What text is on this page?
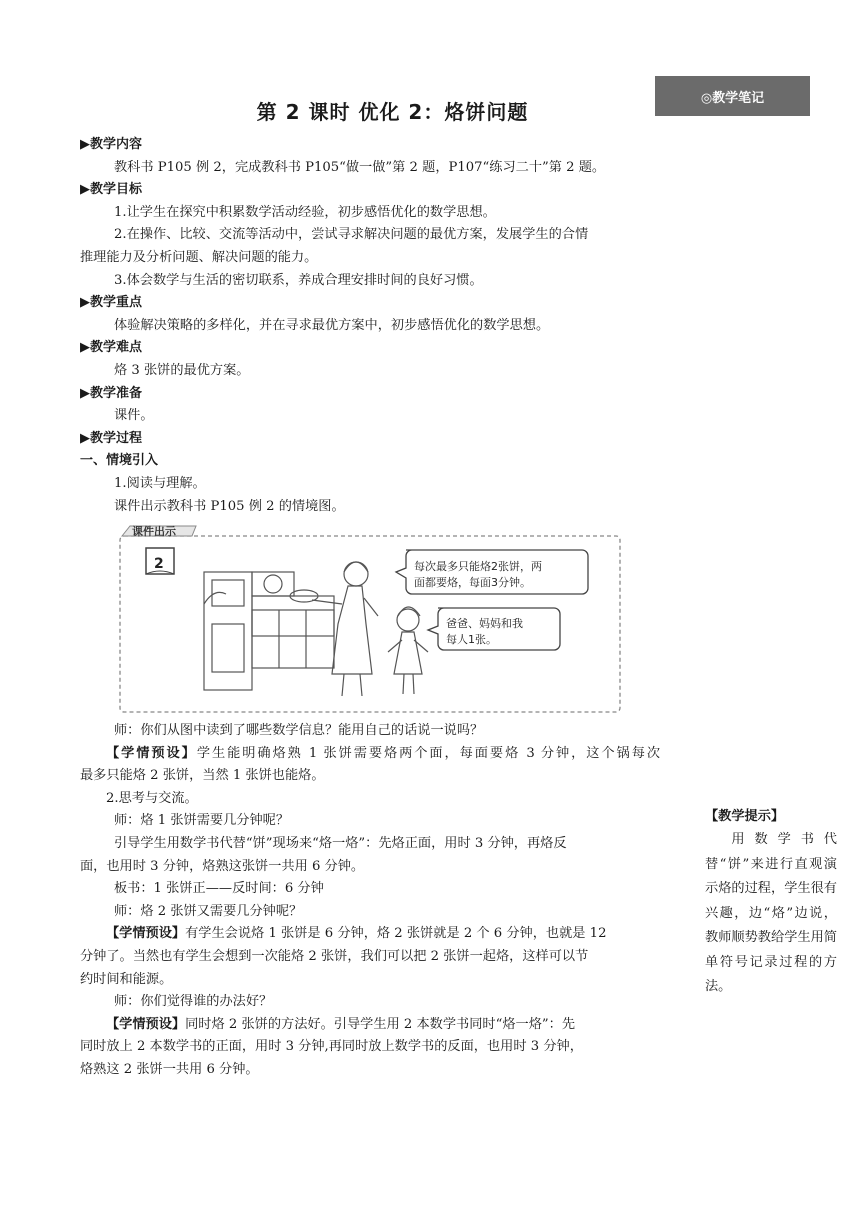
◎教学笔记
第 2 课时 优化 2：烙饼问题
▶教学内容
教科书 P105 例 2，完成教科书 P105“做一做”第 2 题，P107“练习二十”第 2 题。
▶教学目标
1.让学生在探究中积累数学活动经验，初步感悟优化的数学思想。
2.在操作、比较、交流等活动中，尝试寻求解决问题的最优方案，发展学生的合情
推理能力及分析问题、解决问题的能力。
3.体会数学与生活的密切联系，养成合理安排时间的良好习惯。
▶教学重点
体验解决策略的多样化，并在寻求最优方案中，初步感悟优化的数学思想。
▶教学难点
烙 3 张饼的最优方案。
▶教学准备
课件。
▶教学过程
一、情境引入
1.阅读与理解。
课件出示教科书 P105 例 2 的情境图。
课件出示
2	每次最多只能烙2张饼，两
面都要烙，每面3分钟。
爸爸、妈妈和我
每人1张。
师：你们从图中读到了哪些数学信息？能用自己的话说一说吗？
【学情预设】学生能明确烙熟 1 张饼需要烙两个面，每面要烙 3 分钟，这个锅每次
最多只能烙 2 张饼，当然 1 张饼也能烙。
2.思考与交流。
师：烙 1 张饼需要几分钟呢？
引导学生用数学书代替“饼”现场来“烙一烙”：先烙正面，用时 3 分钟，再烙反
面，也用时 3 分钟，烙熟这张饼一共用 6 分钟。
板书：1 张饼正——反时间：6 分钟
师：烙 2 张饼又需要几分钟呢？
【学情预设】有学生会说烙 1 张饼是 6 分钟，烙 2 张饼就是 2 个 6 分钟，也就是 12
分钟了。当然也有学生会想到一次能烙 2 张饼，我们可以把 2 张饼一起烙，这样可以节
约时间和能源。
师：你们觉得谁的办法好？
【学情预设】同时烙 2 张饼的方法好。引导学生用 2 本数学书同时“烙一烙”：先
同时放上 2 本数学书的正面，用时 3 分钟,再同时放上数学书的反面，也用时 3 分钟，
烙熟这 2 张饼一共用 6 分钟。
【教学提示】
用数学书代替“饼”来进行直观演示烙的过程，学生很有兴趣，边“烙”边说，教师顺势教给学生用简单符号记录过程的方法。
